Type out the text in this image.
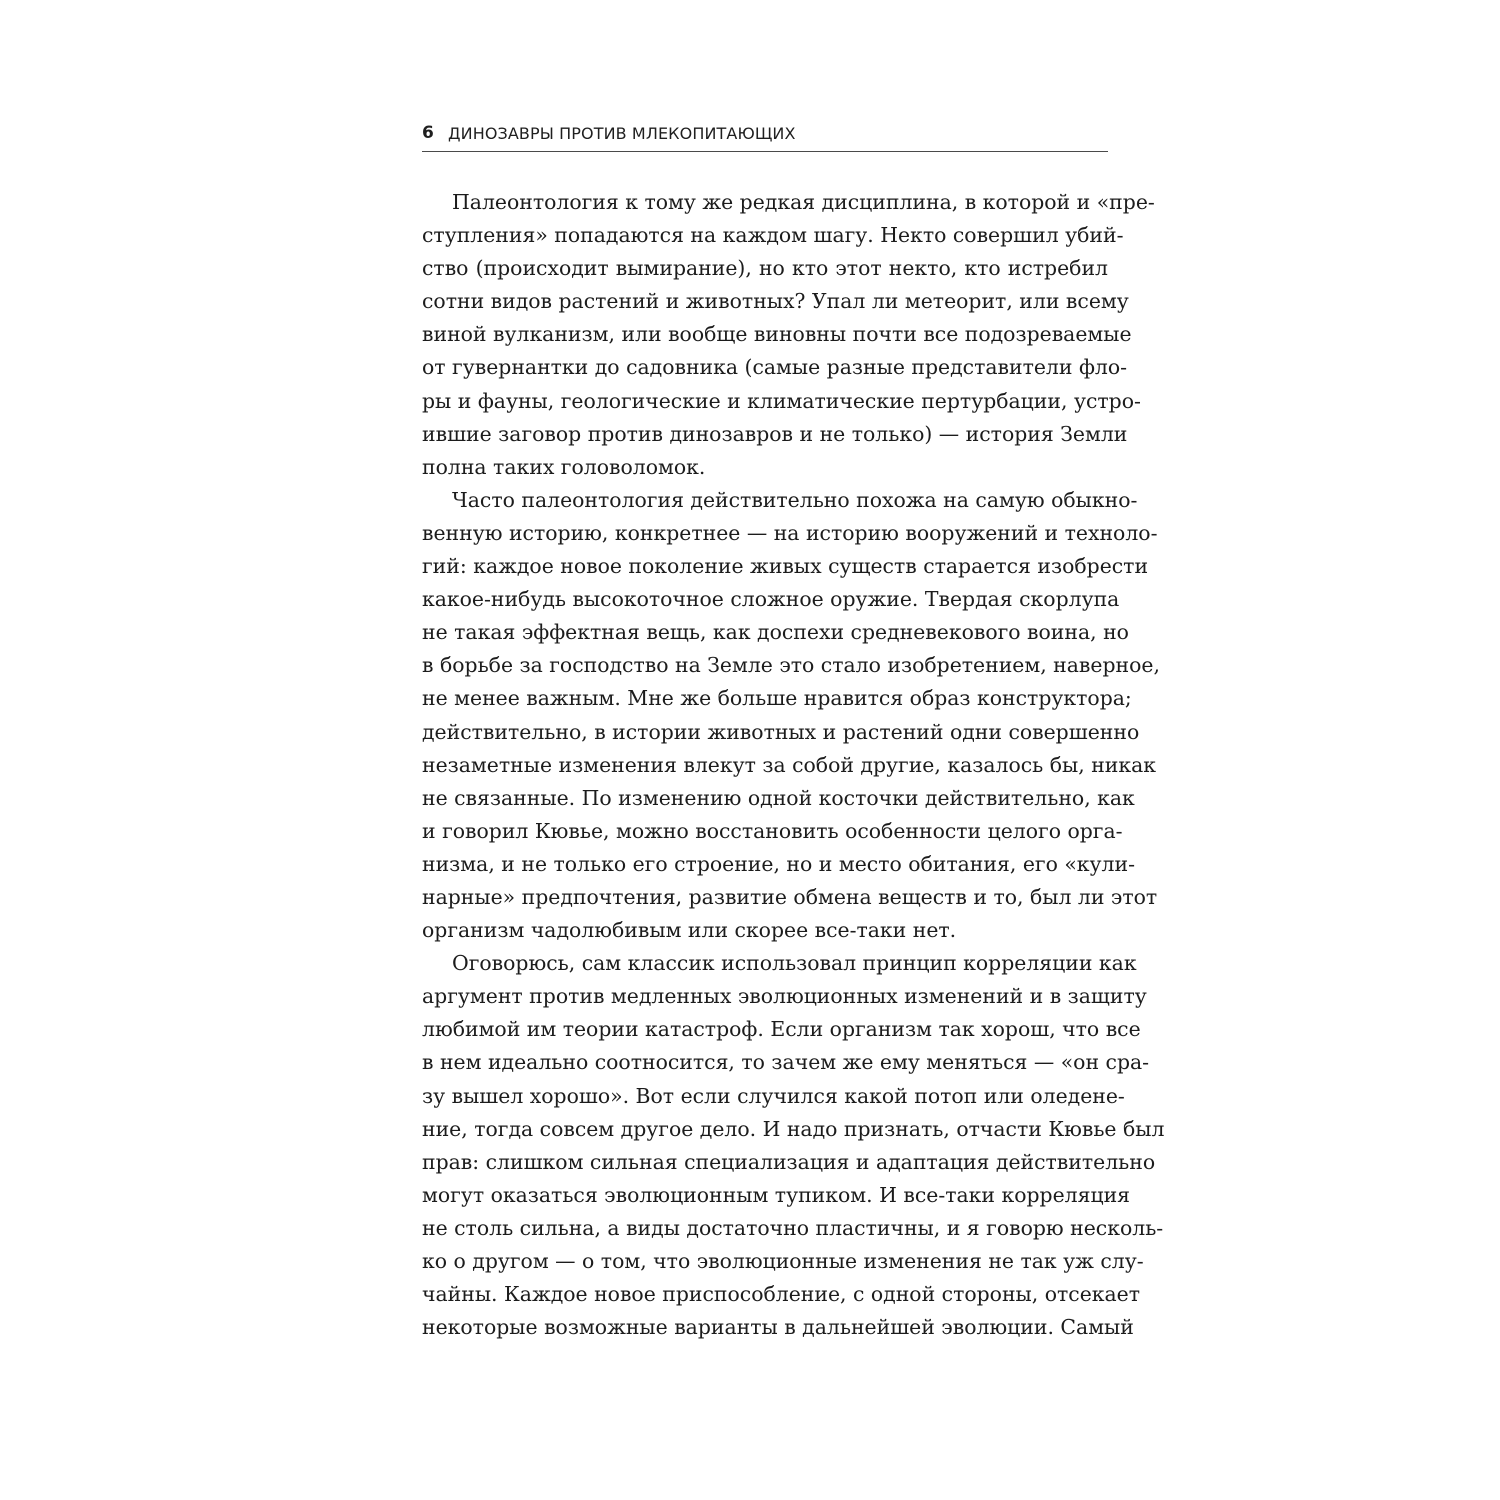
6 ДИНОЗАВРЫ ПРОТИВ МЛЕКОПИТАЮЩИХ
Палеонтология к тому же редкая дисциплина, в которой и «пре-
ступления» попадаются на каждом шагу. Некто совершил убий-
ство (происходит вымирание), но кто этот некто, кто истребил
сотни видов растений и животных? Упал ли метеорит, или всему
виной вулканизм, или вообще виновны почти все подозреваемые
от гувернантки до садовника (самые разные представители фло-
ры и фауны, геологические и климатические пертурбации, устро-
ившие заговор против динозавров и не только) — история Земли
полна таких головоломок.
Часто палеонтология действительно похожа на самую обыкно-
венную историю, конкретнее — на историю вооружений и техноло-
гий: каждое новое поколение живых существ старается изобрести
какое-нибудь высокоточное сложное оружие. Твердая скорлупа
не такая эффектная вещь, как доспехи средневекового воина, но
в борьбе за господство на Земле это стало изобретением, наверное,
не менее важным. Мне же больше нравится образ конструктора;
действительно, в истории животных и растений одни совершенно
незаметные изменения влекут за собой другие, казалось бы, никак
не связанные. По изменению одной косточки действительно, как
и говорил Кювье, можно восстановить особенности целого орга-
низма, и не только его строение, но и место обитания, его «кули-
нарные» предпочтения, развитие обмена веществ и то, был ли этот
организм чадолюбивым или скорее все-таки нет.
Оговорюсь, сам классик использовал принцип корреляции как
аргумент против медленных эволюционных изменений и в защиту
любимой им теории катастроф. Если организм так хорош, что все
в нем идеально соотносится, то зачем же ему меняться — «он сра-
зу вышел хорошо». Вот если случился какой потоп или оледене-
ние, тогда совсем другое дело. И надо признать, отчасти Кювье был
прав: слишком сильная специализация и адаптация действительно
могут оказаться эволюционным тупиком. И все-таки корреляция
не столь сильна, а виды достаточно пластичны, и я говорю несколь-
ко о другом — о том, что эволюционные изменения не так уж слу-
чайны. Каждое новое приспособление, с одной стороны, отсекает
некоторые возможные варианты в дальнейшей эволюции. Самый
